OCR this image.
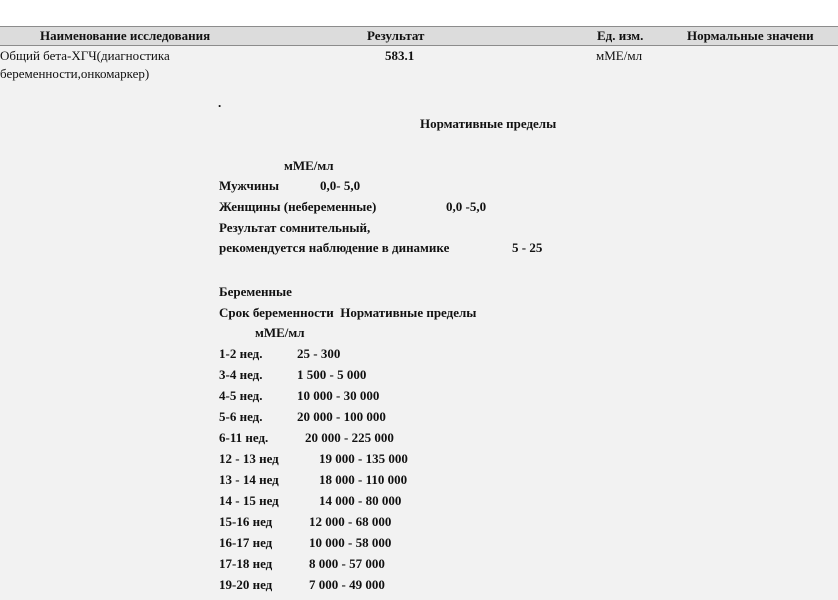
Наименование исследования	Результат	Ед. изм.	Нормальные значени
Общий бета-ХГЧ(диагностика
беременности,онкомаркер)
583.1	мМЕ/мл
.
Нормативные пределы
мМЕ/мл
Мужчины	0,0- 5,0
Женщины (небеременные)	0,0 -5,0
Результат сомнительный,
рекомендуется наблюдение в динамике	5 - 25
Беременные
Срок беременности  Нормативные пределы
мМЕ/мл
1-2 нед.	25 - 300
3-4 нед.	1 500 - 5 000
4-5 нед.	10 000 - 30 000
5-6 нед.	20 000 - 100 000
6-11 нед.	20 000 - 225 000
12 - 13 нед	19 000 - 135 000
13 - 14 нед	18 000 - 110 000
14 - 15 нед	14 000 - 80 000
15-16 нед	12 000 - 68 000
16-17 нед	10 000 - 58 000
17-18 нед	8 000 - 57 000
19-20 нед	7 000 - 49 000
